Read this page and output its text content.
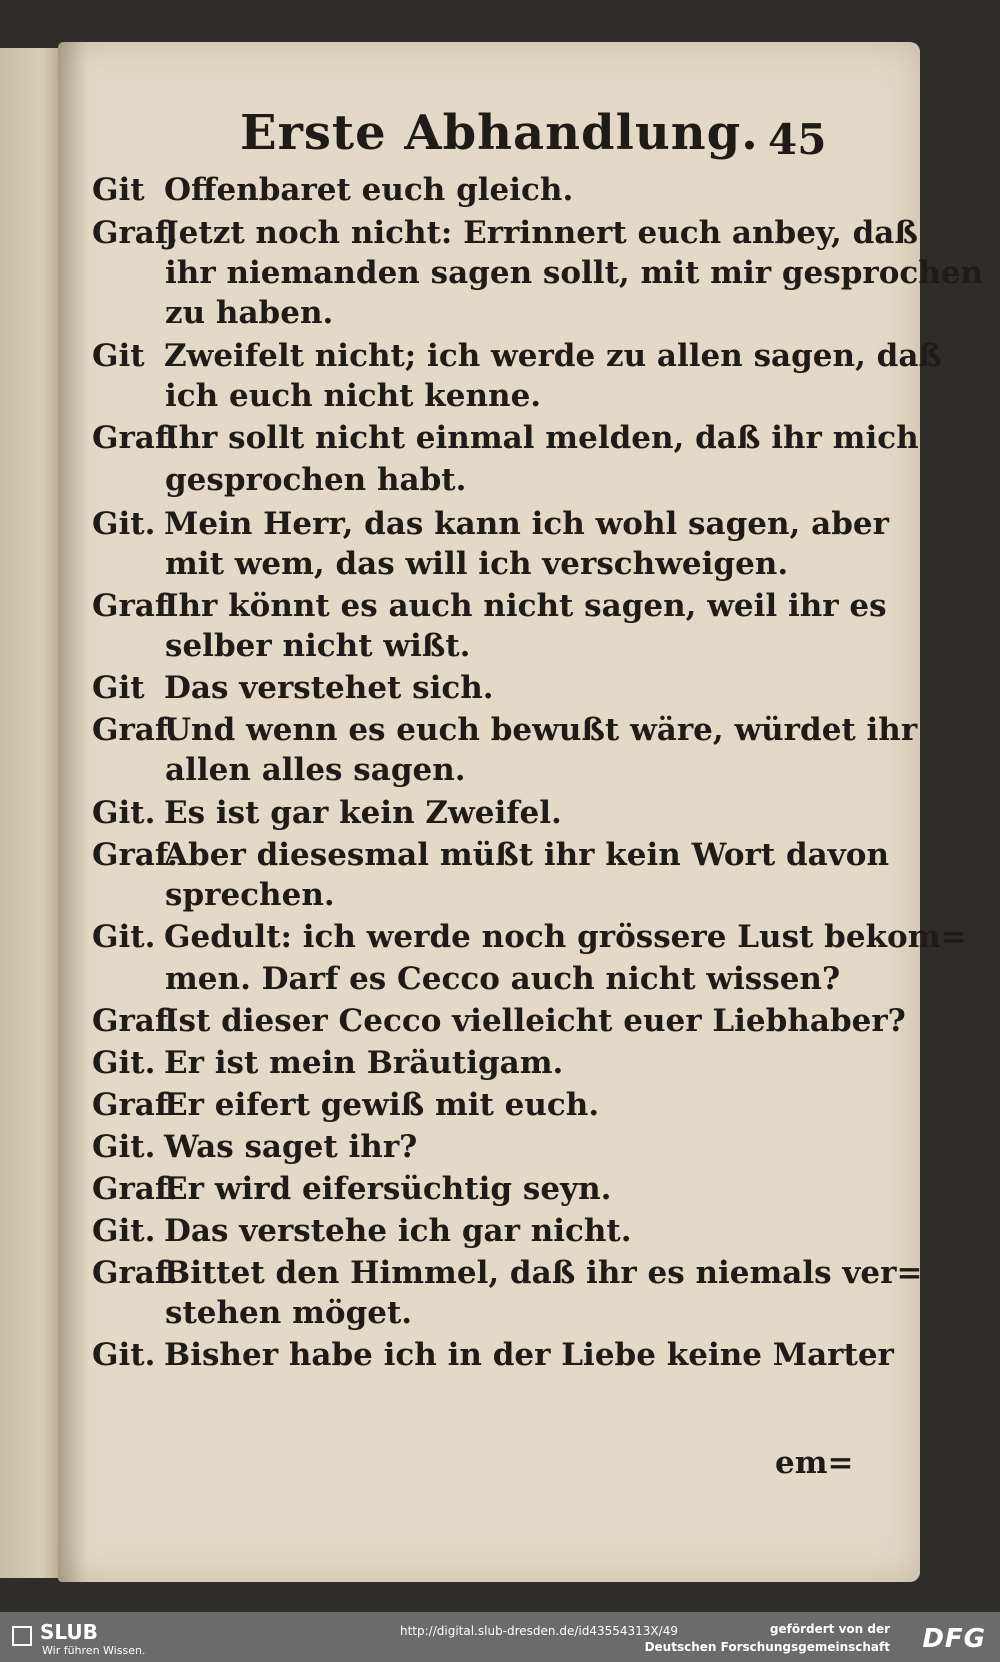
Erste Abhandlung. 45
Git Offenbaret euch gleich.
Graf.Jetzt noch nicht: Errinnert euch anbey, daß
ihr niemanden sagen sollt, mit mir gesprochen
zu haben.
Git Zweifelt nicht; ich werde zu allen sagen, daß
ich euch nicht kenne.
Graf.Ihr sollt nicht einmal melden, daß ihr mich
gesprochen habt.
Git. Mein Herr, das kann ich wohl sagen, aber
mit wem, das will ich verschweigen.
GrafIhr könnt es auch nicht sagen, weil ihr es
selber nicht wißt.
Git Das verstehet sich.
Graf.Und wenn es euch bewußt wäre, würdet ihr
allen alles sagen.
Git. Es ist gar kein Zweifel.
Graf.Aber diesesmal müßt ihr kein Wort davon
sprechen.
Git. Gedult: ich werde noch grössere Lust bekom=
men. Darf es Cecco auch nicht wissen?
Graf.Ist dieser Cecco vielleicht euer Liebhaber?
Git. Er ist mein Bräutigam.
GrafEr eifert gewiß mit euch.
Git. Was saget ihr?
Graf.Er wird eifersüchtig seyn.
Git. Das verstehe ich gar nicht.
Graf.Bittet den Himmel, daß ihr es niemals ver=
stehen möget.
Git. Bisher habe ich in der Liebe keine Marter
em=
SLUB
Wir führen Wissen.
http://digital.slub-dresden.de/id43554313X/49	gefördert von der
Deutschen Forschungsgemeinschaft DFG
